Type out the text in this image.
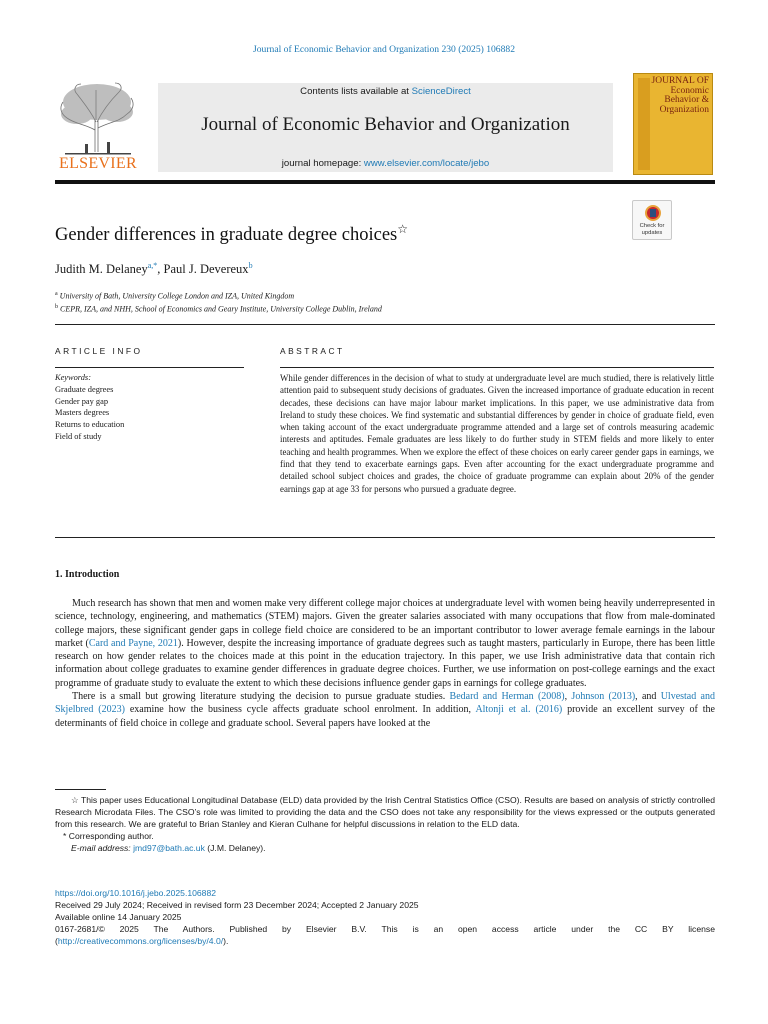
Journal of Economic Behavior and Organization 230 (2025) 106882
ELSEVIER
Contents lists available at ScienceDirect
Journal of Economic Behavior and Organization
journal homepage: www.elsevier.com/locate/jebo
JOURNAL OF
Economic
Behavior &
Organization
Gender differences in graduate degree choices☆	Check for
updates
Judith M. Delaney$^{a,*}$, Paul J. Devereux$^b$
$^a$ University of Bath, University College London and IZA, United Kingdom
$^b$ CEPR, IZA, and NHH, School of Economics and Geary Institute, University College Dublin, Ireland
ARTICLE INFO	ABSTRACT
Keywords:
Graduate degrees
Gender pay gap
Masters degrees
Returns to education
Field of study
While gender differences in the decision of what to study at undergraduate level are much studied, there is relatively little attention paid to subsequent study decisions of graduates. Given the increased importance of graduate education in recent decades, these decisions can have major labour market implications. In this paper, we use administrative data from Ireland to study these choices. We find systematic and substantial differences by gender in choice of graduate field, even when taking account of the exact undergraduate programme attended and a large set of controls measuring academic interests and aptitudes. Female graduates are less likely to do further study in STEM fields and more likely to enter teaching and health programmes. When we explore the effect of these choices on early career gender gaps in earnings, we find that they tend to exacerbate earnings gaps. Even after accounting for the exact undergraduate programme and detailed school subject choices and grades, the choice of graduate programme can explain about 20% of the gender earnings gap at age 33 for persons who pursued a graduate degree.
1. Introduction

Much research has shown that men and women make very different college major choices at undergraduate level with women being heavily underrepresented in science, technology, engineering, and mathematics (STEM) majors. Given the greater salaries associated with many occupations that flow from male-dominated college majors, these significant gender gaps in college field choice are considered to be an important contributor to lower average female earnings in the labour market (Card and Payne, 2021). However, despite the increasing importance of graduate degrees such as taught masters, particularly in Europe, there has been little research on how gender relates to the choices made at this point in the education trajectory. In this paper, we use Irish administrative data that contain rich information about college graduates to examine gender differences in graduate degree choices. Further, we use information on post-college earnings and the exact programme of graduate study to evaluate the extent to which these decisions influence gender gaps in earnings for college graduates.

There is a small but growing literature studying the decision to pursue graduate studies. Bedard and Herman (2008), Johnson (2013), and Ulvestad and Skjelbred (2023) examine how the business cycle affects graduate school enrolment. In addition, Altonji et al. (2016) provide an excellent survey of the determinants of field choice in college and graduate school. Several papers have looked at the

☆ This paper uses Educational Longitudinal Database (ELD) data provided by the Irish Central Statistics Office (CSO). Results are based on analysis of strictly controlled Research Microdata Files. The CSO’s role was limited to providing the data and the CSO does not take any responsibility for the views expressed or the outputs generated from this research. We are grateful to Brian Stanley and Kieran Culhane for helpful discussions in relation to the ELD data.
* Corresponding author.
E-mail address: jmd97@bath.ac.uk (J.M. Delaney).
https://doi.org/10.1016/j.jebo.2025.106882
Received 29 July 2024; Received in revised form 23 December 2024; Accepted 2 January 2025
Available online 14 January 2025
0167-2681/© 2025 The Authors. Published by Elsevier B.V. This is an open access article under the CC BY license
(http://creativecommons.org/licenses/by/4.0/).
